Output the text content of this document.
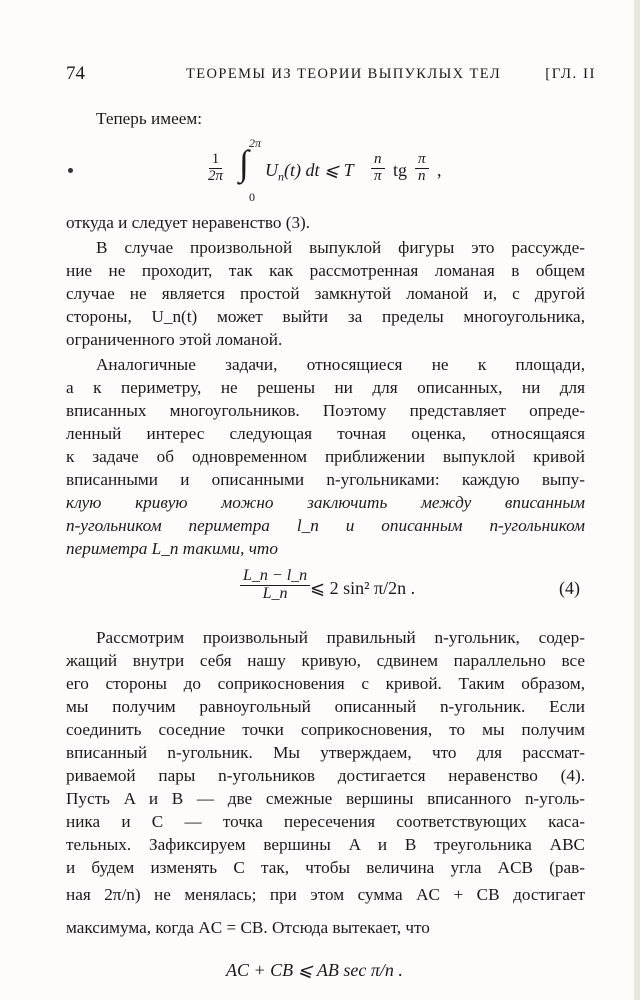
74	ТЕОРЕМЫ ИЗ ТЕОРИИ ВЫПУКЛЫХ ТЕЛ	[ГЛ. II
Теперь имеем:
$\frac{1}{2\pi}$
2π
∫
0
$U_n(t)$ dt ⩽ T $\frac{n}{\pi}$ tg $\frac{\pi}{n}$ ,
откуда и следует неравенство (3).
В случае произвольной выпуклой фигуры это рассужде-
ние не проходит, так как рассмотренная ломаная в общем
случае не является простой замкнутой ломаной и, с другой
стороны, U_n(t) может выйти за пределы многоугольника,
ограниченного этой ломаной.
Аналогичные задачи, относящиеся не к площади,
а к периметру, не решены ни для описанных, ни для
вписанных многоугольников. Поэтому представляет опреде-
ленный интерес следующая точная оценка, относящаяся
к задаче об одновременном приближении выпуклой кривой
вписанными и описанными n-угольниками: каждую выпу-
клую кривую можно заключить между вписанным
n-угольником периметра l_n и описанным n-угольником
периметра L_n такими, что
$\frac{L\_n - l\_n}{L\_n}$ ⩽ 2 sin² π/2n .	(4)
Рассмотрим произвольный правильный n-угольник, содер-
жащий внутри себя нашу кривую, сдвинем параллельно все
его стороны до соприкосновения с кривой. Таким образом,
мы получим равноугольный описанный n-угольник. Если
соединить соседние точки соприкосновения, то мы получим
вписанный n-угольник. Мы утверждаем, что для рассмат-
риваемой пары n-угольников достигается неравенство (4).
Пусть A и B — две смежные вершины вписанного n-уголь-
ника и C — точка пересечения соответствующих каса-
тельных. Зафиксируем вершины A и B треугольника ABC
и будем изменять C так, чтобы величина угла ACB (рав-
ная 2π/n) не менялась; при этом сумма AC + CB достигает
максимума, когда AC = CB. Отсюда вытекает, что
AC + CB ⩽ AB sec π/n .
